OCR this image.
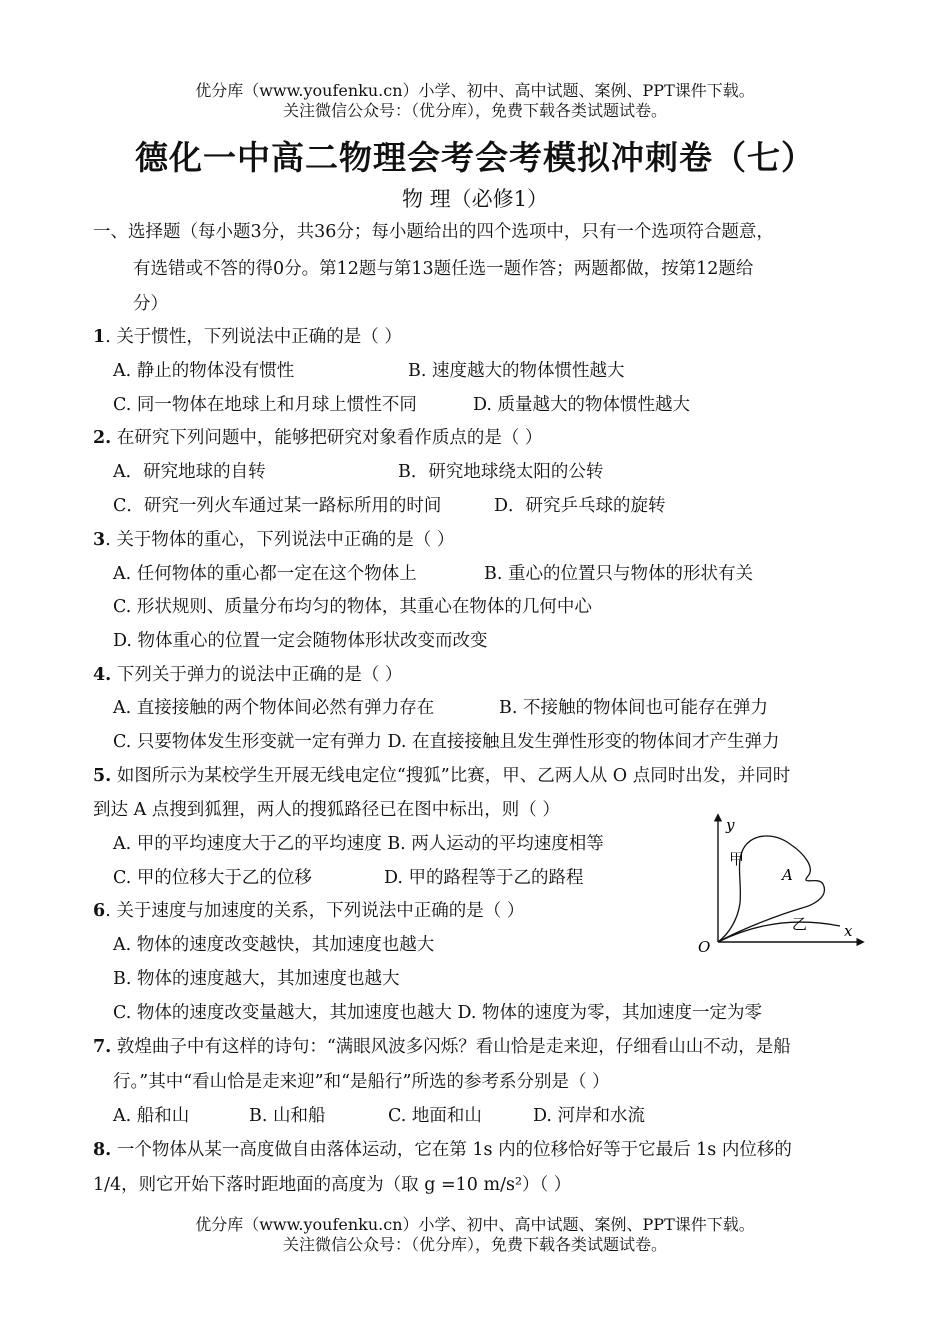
优分库（www.youfenku.cn）小学、初中、高中试题、案例、PPT课件下载。
关注微信公众号：（优分库），免费下载各类试题试卷。
德化一中高二物理会考会考模拟冲刺卷（七）
物 理（必修1）
一、选择题（每小题3分，共36分；每小题给出的四个选项中，只有一个选项符合题意，
有选错或不答的得0分。第12题与第13题任选一题作答；两题都做，按第12题给
分）
1. 关于惯性，下列说法中正确的是（ ）
A. 静止的物体没有惯性	B. 速度越大的物体惯性越大
C. 同一物体在地球上和月球上惯性不同	D. 质量越大的物体惯性越大
2. 在研究下列问题中，能够把研究对象看作质点的是（ ）
A．研究地球的自转	B．研究地球绕太阳的公转
C．研究一列火车通过某一路标所用的时间	D．研究乒乓球的旋转
3. 关于物体的重心，下列说法中正确的是（ ）
A. 任何物体的重心都一定在这个物体上	B. 重心的位置只与物体的形状有关
C. 形状规则、质量分布均匀的物体，其重心在物体的几何中心
D. 物体重心的位置一定会随物体形状改变而改变
4. 下列关于弹力的说法中正确的是（ ）
A. 直接接触的两个物体间必然有弹力存在	B. 不接触的物体间也可能存在弹力
C. 只要物体发生形变就一定有弹力 D. 在直接接触且发生弹性形变的物体间才产生弹力
5. 如图所示为某校学生开展无线电定位“搜狐”比赛，甲、乙两人从 O 点同时出发，并同时
到达 A 点搜到狐狸，两人的搜狐路径已在图中标出，则（ ）
A. 甲的平均速度大于乙的平均速度 B. 两人运动的平均速度相等
C. 甲的位移大于乙的位移	D. 甲的路程等于乙的路程
y
x
O
A
甲
乙
6. 关于速度与加速度的关系，下列说法中正确的是（ ）
A. 物体的速度改变越快，其加速度也越大
B. 物体的速度越大，其加速度也越大
C. 物体的速度改变量越大，其加速度也越大 D. 物体的速度为零，其加速度一定为零
7. 敦煌曲子中有这样的诗句：“满眼风波多闪烁？看山恰是走来迎，仔细看山山不动，是船
行。”其中“看山恰是走来迎”和“是船行”所选的参考系分别是（ ）
A. 船和山	B. 山和船	C. 地面和山	D. 河岸和水流
8. 一个物体从某一高度做自由落体运动，它在第 1s 内的位移恰好等于它最后 1s 内位移的
1/4，则它开始下落时距地面的高度为（取 g =10 m/s²）（ ）
优分库（www.youfenku.cn）小学、初中、高中试题、案例、PPT课件下载。
关注微信公众号：（优分库），免费下载各类试题试卷。
